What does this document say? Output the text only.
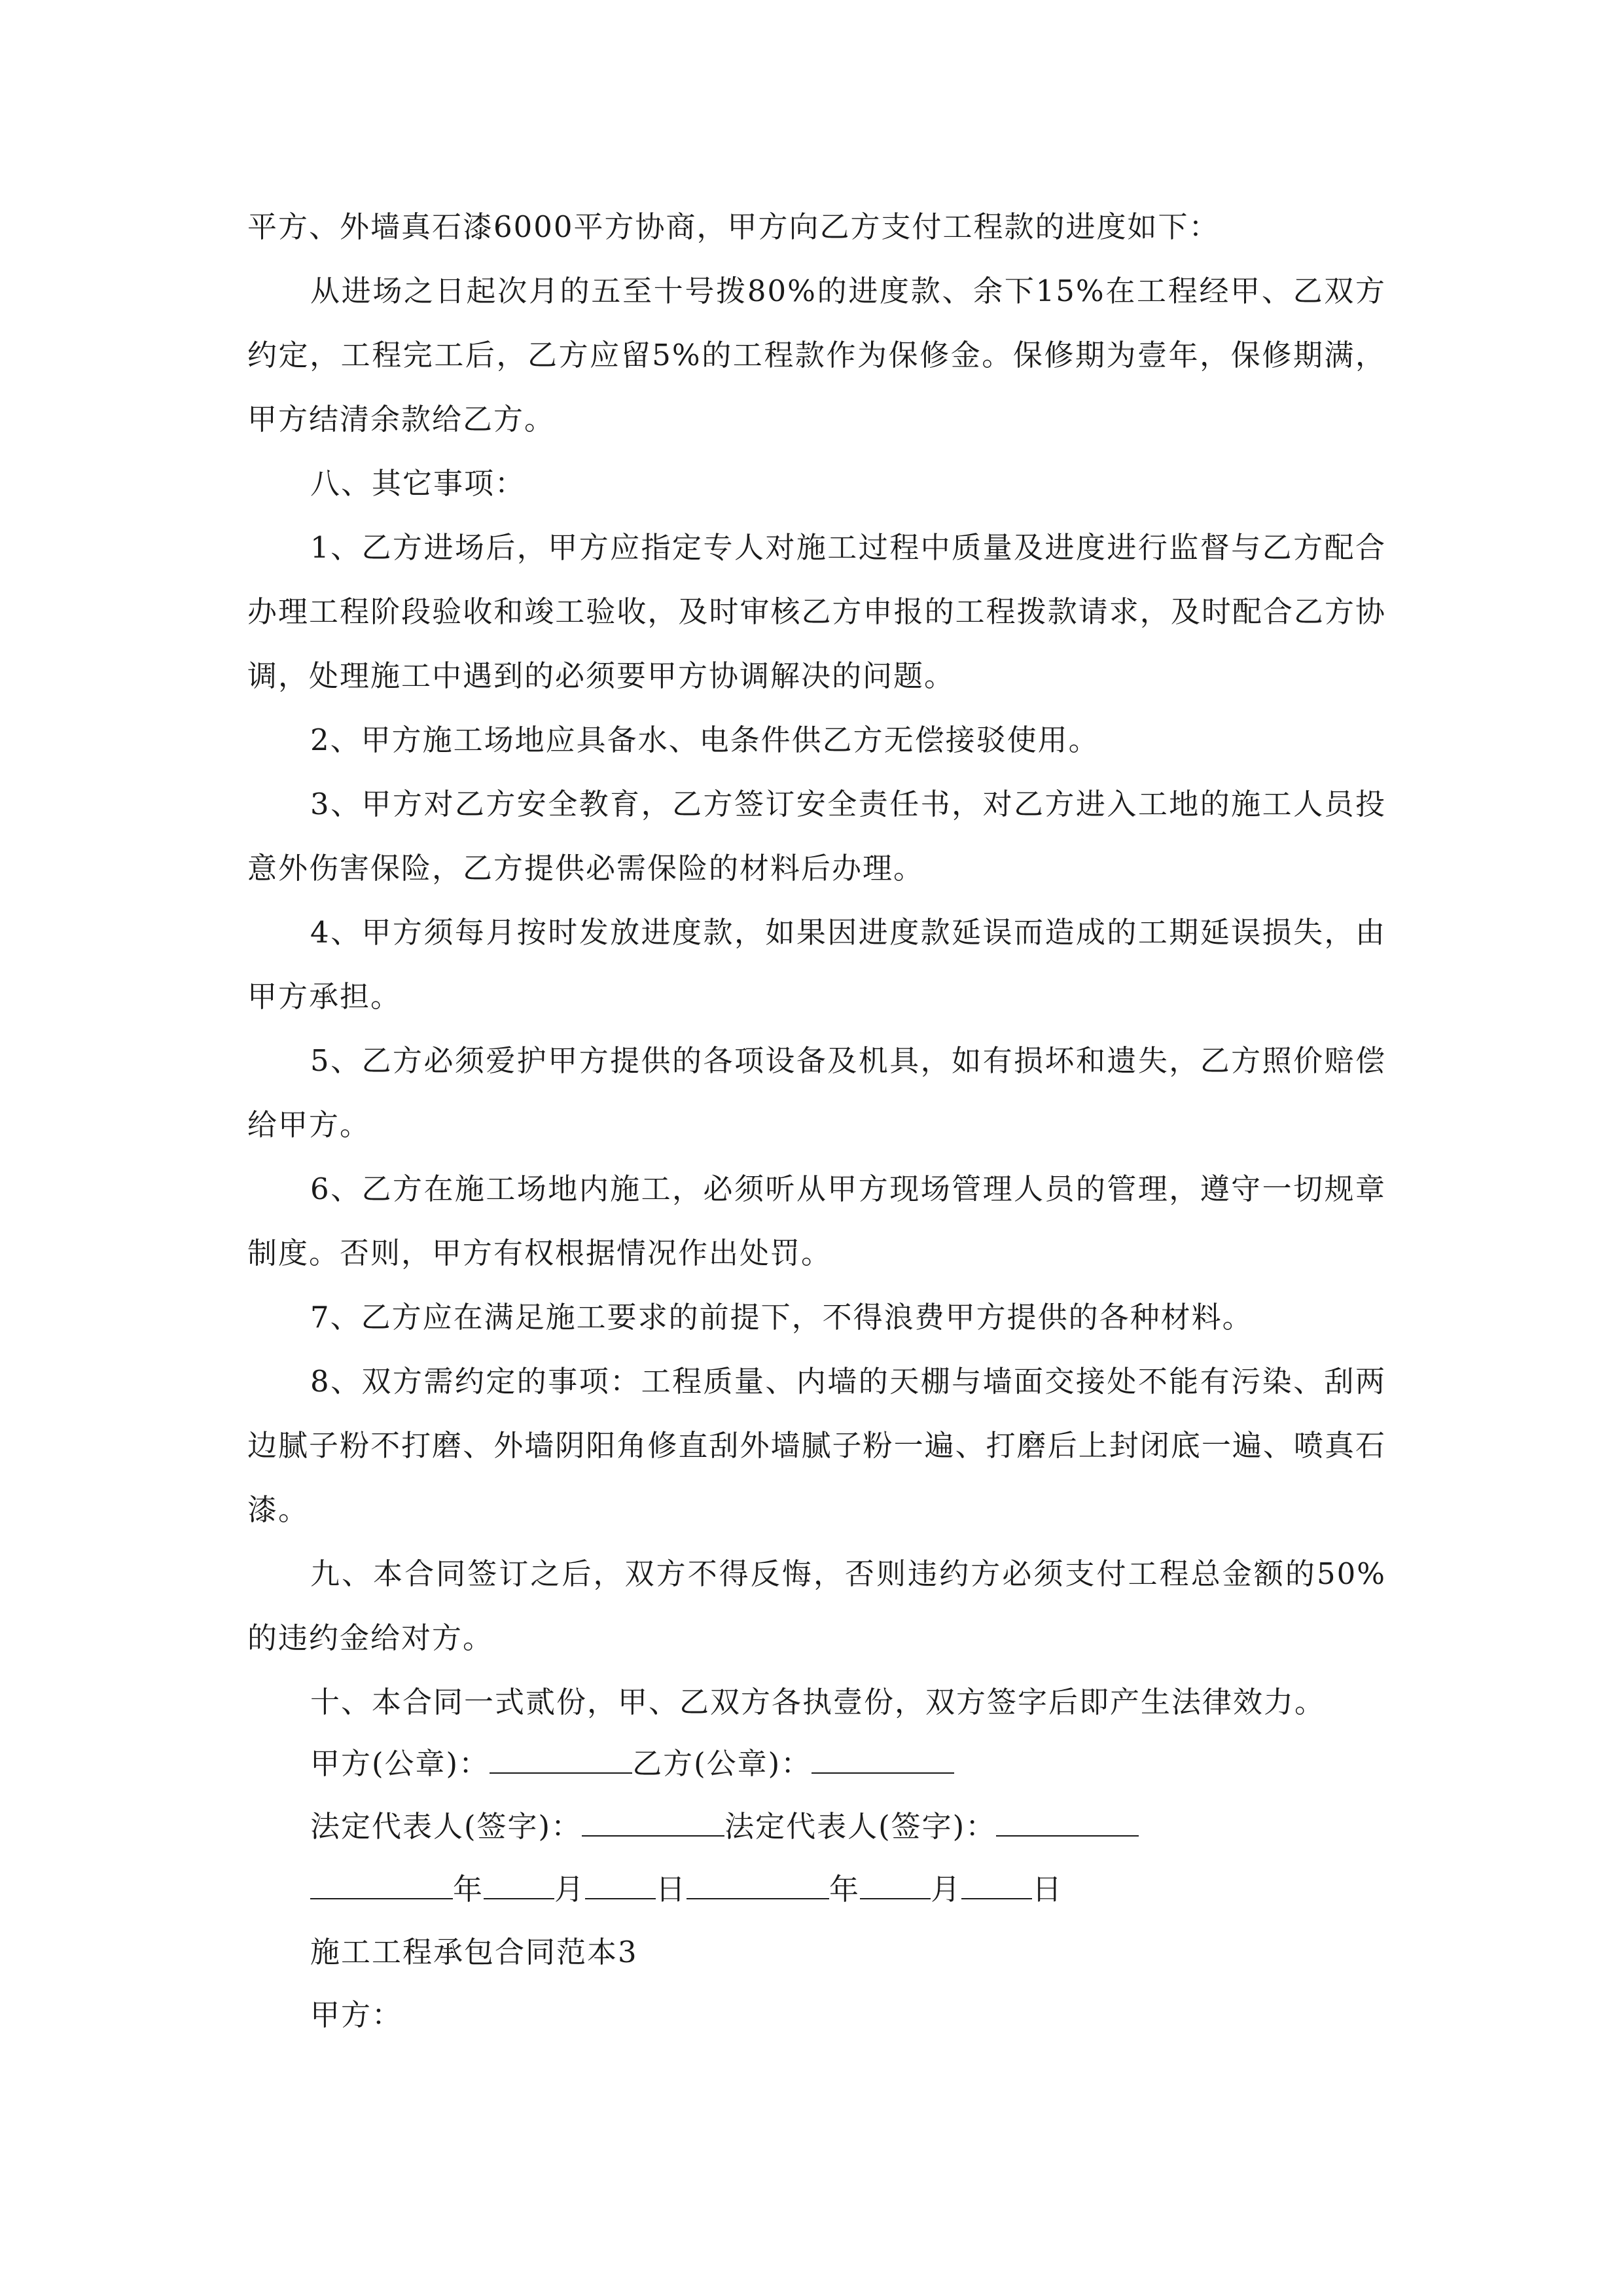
平方、外墙真石漆6000平方协商，甲方向乙方支付工程款的进度如下：

从进场之日起次月的五至十号拨80%的进度款、余下15%在工程经甲、乙双方约定，工程完工后，乙方应留5%的工程款作为保修金。保修期为壹年，保修期满，甲方结清余款给乙方。

八、其它事项：

1、乙方进场后，甲方应指定专人对施工过程中质量及进度进行监督与乙方配合办理工程阶段验收和竣工验收，及时审核乙方申报的工程拨款请求，及时配合乙方协调，处理施工中遇到的必须要甲方协调解决的问题。

2、甲方施工场地应具备水、电条件供乙方无偿接驳使用。

3、甲方对乙方安全教育，乙方签订安全责任书，对乙方进入工地的施工人员投意外伤害保险，乙方提供必需保险的材料后办理。

4、甲方须每月按时发放进度款，如果因进度款延误而造成的工期延误损失，由甲方承担。

5、乙方必须爱护甲方提供的各项设备及机具，如有损坏和遗失，乙方照价赔偿给甲方。

6、乙方在施工场地内施工，必须听从甲方现场管理人员的管理，遵守一切规章制度。否则，甲方有权根据情况作出处罚。

7、乙方应在满足施工要求的前提下，不得浪费甲方提供的各种材料。

8、双方需约定的事项：工程质量、内墙的天棚与墙面交接处不能有污染、刮两边腻子粉不打磨、外墙阴阳角修直刮外墙腻子粉一遍、打磨后上封闭底一遍、喷真石漆。

九、本合同签订之后，双方不得反悔，否则违约方必须支付工程总金额的50%的违约金给对方。

十、本合同一式贰份，甲、乙双方各执壹份，双方签字后即产生法律效力。

甲方(公章)：	乙方(公章)：
法定代表人(签字)：	法定代表人(签字)：
年 月 日	年 月 日
施工工程承包合同范本3
甲方：
